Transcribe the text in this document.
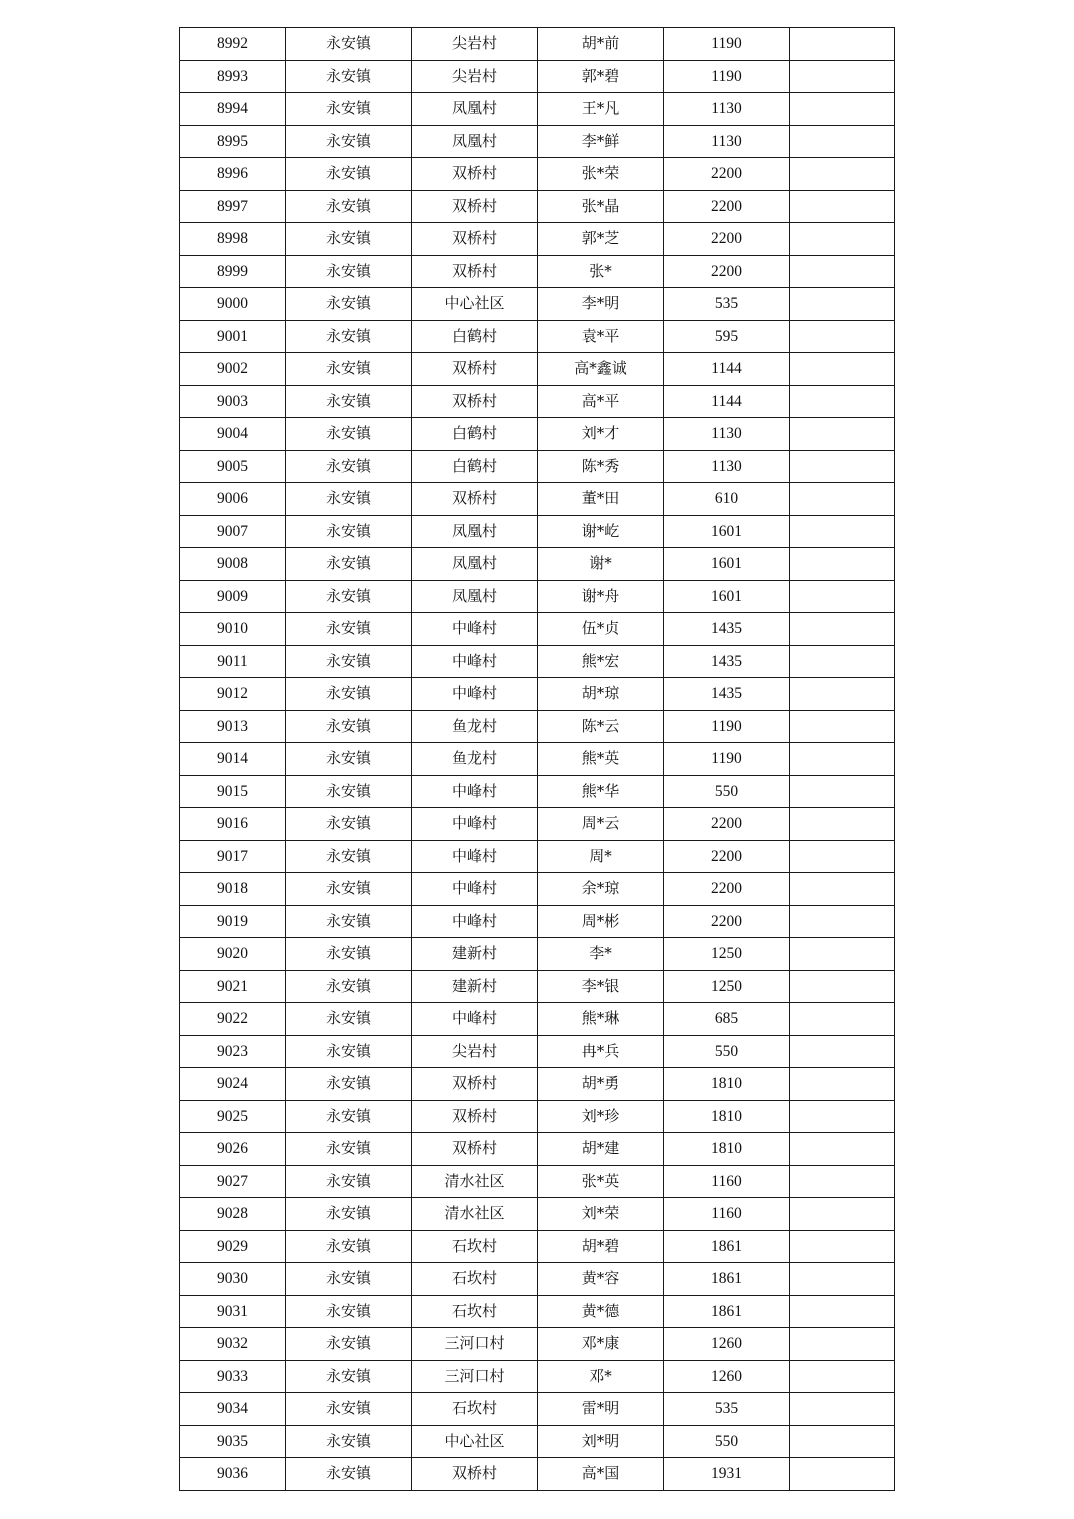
8992	永安镇	尖岩村	胡*前	1190	
8993	永安镇	尖岩村	郭*碧	1190	
8994	永安镇	凤凰村	王*凡	1130	
8995	永安镇	凤凰村	李*鲜	1130	
8996	永安镇	双桥村	张*荣	2200	
8997	永安镇	双桥村	张*晶	2200	
8998	永安镇	双桥村	郭*芝	2200	
8999	永安镇	双桥村	张*	2200	
9000	永安镇	中心社区	李*明	535	
9001	永安镇	白鹤村	袁*平	595	
9002	永安镇	双桥村	高*鑫诚	1144	
9003	永安镇	双桥村	高*平	1144	
9004	永安镇	白鹤村	刘*才	1130	
9005	永安镇	白鹤村	陈*秀	1130	
9006	永安镇	双桥村	董*田	610	
9007	永安镇	凤凰村	谢*屹	1601	
9008	永安镇	凤凰村	谢*	1601	
9009	永安镇	凤凰村	谢*舟	1601	
9010	永安镇	中峰村	伍*贞	1435	
9011	永安镇	中峰村	熊*宏	1435	
9012	永安镇	中峰村	胡*琼	1435	
9013	永安镇	鱼龙村	陈*云	1190	
9014	永安镇	鱼龙村	熊*英	1190	
9015	永安镇	中峰村	熊*华	550	
9016	永安镇	中峰村	周*云	2200	
9017	永安镇	中峰村	周*	2200	
9018	永安镇	中峰村	余*琼	2200	
9019	永安镇	中峰村	周*彬	2200	
9020	永安镇	建新村	李*	1250	
9021	永安镇	建新村	李*银	1250	
9022	永安镇	中峰村	熊*琳	685	
9023	永安镇	尖岩村	冉*兵	550	
9024	永安镇	双桥村	胡*勇	1810	
9025	永安镇	双桥村	刘*珍	1810	
9026	永安镇	双桥村	胡*建	1810	
9027	永安镇	清水社区	张*英	1160	
9028	永安镇	清水社区	刘*荣	1160	
9029	永安镇	石坎村	胡*碧	1861	
9030	永安镇	石坎村	黄*容	1861	
9031	永安镇	石坎村	黄*德	1861	
9032	永安镇	三河口村	邓*康	1260	
9033	永安镇	三河口村	邓*	1260	
9034	永安镇	石坎村	雷*明	535	
9035	永安镇	中心社区	刘*明	550	
9036	永安镇	双桥村	高*国	1931	
